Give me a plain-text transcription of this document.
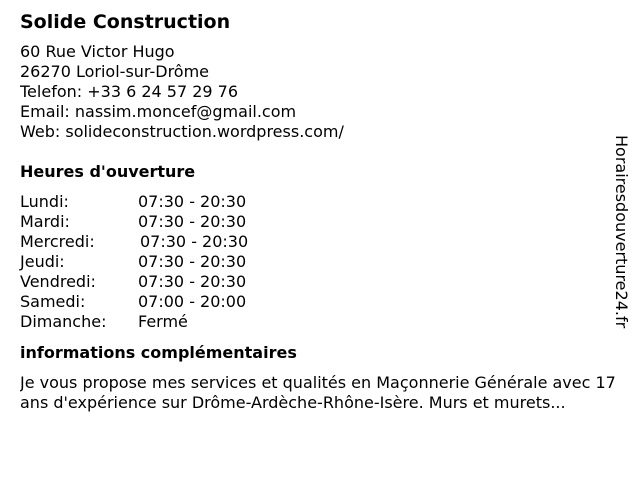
Solide Construction
60 Rue Victor Hugo
26270 Loriol-sur-Drôme
Telefon: +33 6 24 57 29 76
Email: nassim.moncef@gmail.com
Web: solideconstruction.wordpress.com/
Heures d'ouverture
Lundi:	07:30 - 20:30
Mardi:	07:30 - 20:30
Mercredi:	07:30 - 20:30
Jeudi:	07:30 - 20:30
Vendredi:	07:30 - 20:30
Samedi:	07:00 - 20:00
Dimanche:	Fermé
informations complémentaires
Je vous propose mes services et qualités en Maçonnerie Générale avec 17 ans d'expérience sur Drôme-Ardèche-Rhône-Isère. Murs et murets...
Horairesdouverture24.fr
